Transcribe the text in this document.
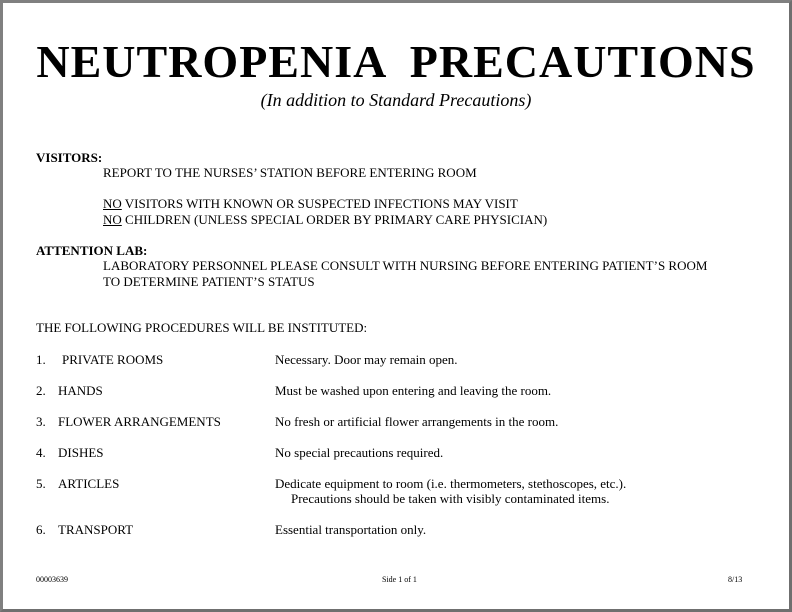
NEUTROPENIA  PRECAUTIONS
(In addition to Standard Precautions)
VISITORS:
REPORT TO THE NURSES’ STATION BEFORE ENTERING ROOM
NO VISITORS WITH KNOWN OR SUSPECTED INFECTIONS MAY VISIT
NO CHILDREN (UNLESS SPECIAL ORDER BY PRIMARY CARE PHYSICIAN)
ATTENTION LAB:
LABORATORY PERSONNEL PLEASE CONSULT WITH NURSING BEFORE ENTERING PATIENT’S ROOM
TO DETERMINE PATIENT’S STATUS
THE FOLLOWING PROCEDURES WILL BE INSTITUTED:
1. PRIVATE ROOMS	Necessary. Door may remain open.
2. HANDS	Must be washed upon entering and leaving the room.
3. FLOWER ARRANGEMENTS	No fresh or artificial flower arrangements in the room.
4. DISHES	No special precautions required.
5. ARTICLES	Dedicate equipment to room (i.e. thermometers, stethoscopes, etc.).
Precautions should be taken with visibly contaminated items.
6. TRANSPORT	Essential transportation only.
00003639	Side 1 of 1	8/13
